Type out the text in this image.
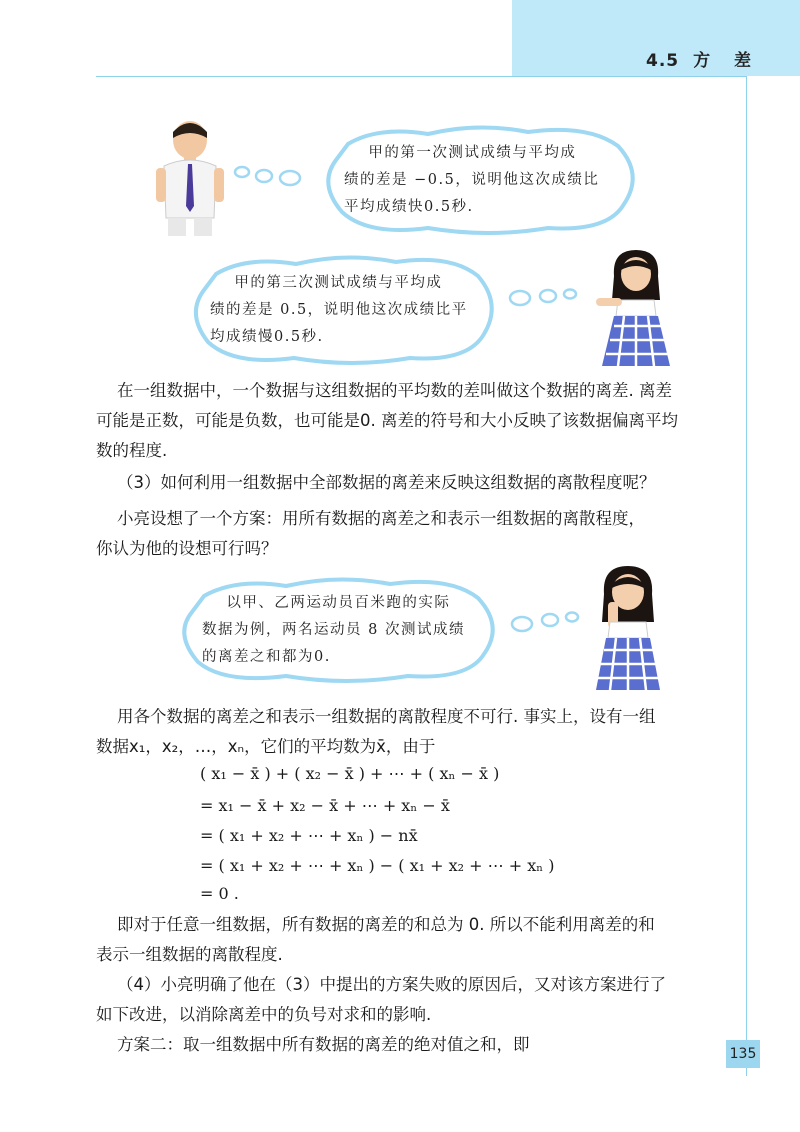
4.5 方 差
甲的第一次测试成绩与平均成
绩的差是 −0.5，说明他这次成绩比
平均成绩快0.5秒.
甲的第三次测试成绩与平均成
绩的差是 0.5，说明他这次成绩比平
均成绩慢0.5秒.
在一组数据中，一个数据与这组数据的平均数的差叫做这个数据的离差. 离差
可能是正数，可能是负数，也可能是0. 离差的符号和大小反映了该数据偏离平均
数的程度.
（3）如何利用一组数据中全部数据的离差来反映这组数据的离散程度呢？
小亮设想了一个方案：用所有数据的离差之和表示一组数据的离散程度，
你认为他的设想可行吗？
以甲、乙两运动员百米跑的实际
数据为例，两名运动员 8 次测试成绩
的离差之和都为0.
用各个数据的离差之和表示一组数据的离散程度不可行. 事实上，设有一组
数据x₁，x₂，…，xₙ，它们的平均数为x̄，由于
( x₁ − x̄ ) + ( x₂ − x̄ ) + ⋯ + ( xₙ − x̄ )
= x₁ − x̄ + x₂ − x̄ + ⋯ + xₙ − x̄
= ( x₁ + x₂ + ⋯ + xₙ ) − nx̄
= ( x₁ + x₂ + ⋯ + xₙ ) − ( x₁ + x₂ + ⋯ + xₙ )
= 0 .
即对于任意一组数据，所有数据的离差的和总为 0. 所以不能利用离差的和
表示一组数据的离散程度.
（4）小亮明确了他在（3）中提出的方案失败的原因后，又对该方案进行了
如下改进，以消除离差中的负号对求和的影响.
方案二：取一组数据中所有数据的离差的绝对值之和，即	135
